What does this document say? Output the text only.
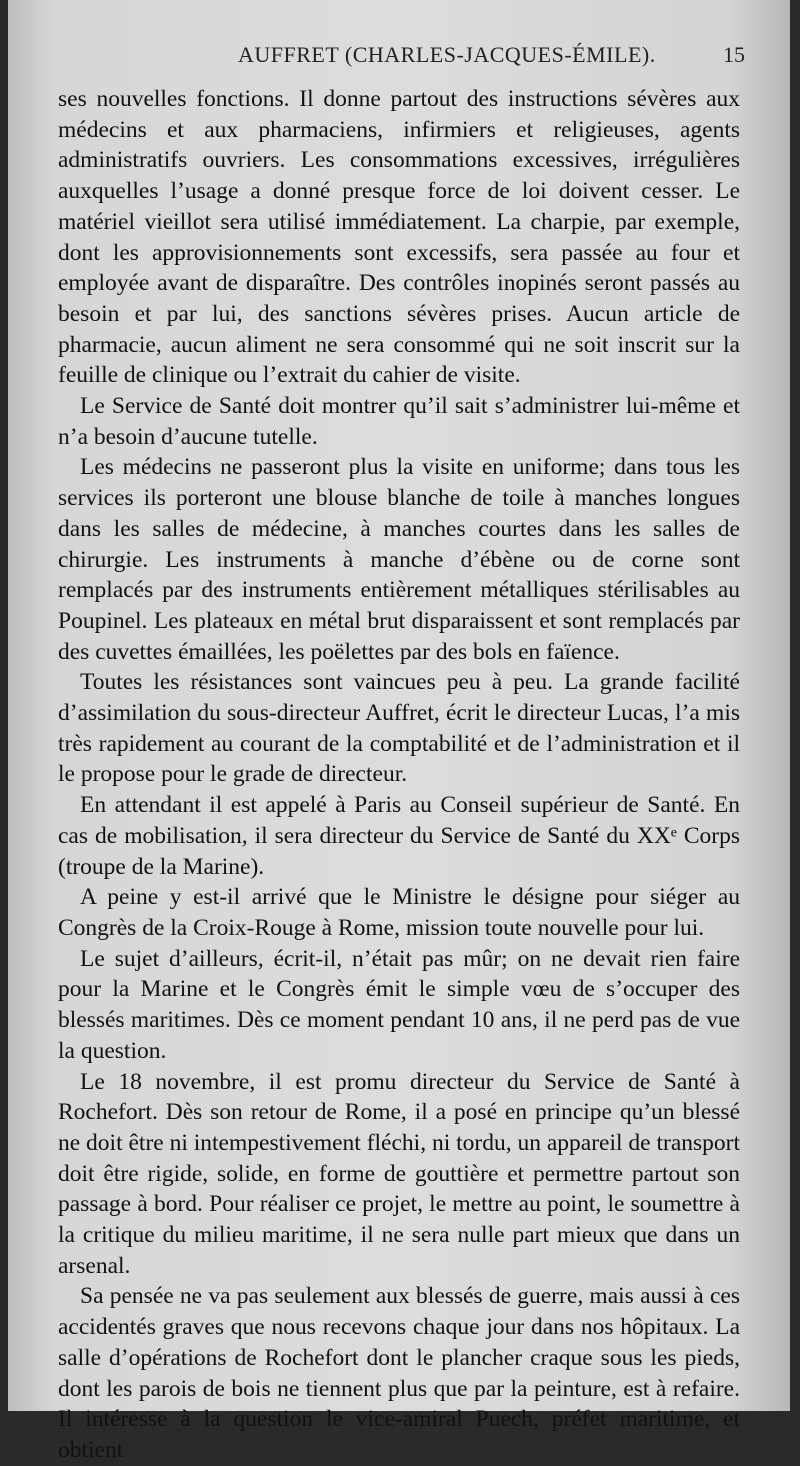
AUFFRET (CHARLES-JACQUES-ÉMILE).	15

ses nouvelles fonctions. Il donne partout des instructions sévères aux médecins et aux pharmaciens, infirmiers et religieuses, agents administratifs ouvriers. Les consommations excessives, irrégulières auxquelles l’usage a donné presque force de loi doivent cesser. Le matériel vieillot sera utilisé immédiatement. La charpie, par exemple, dont les approvisionnements sont excessifs, sera passée au four et employée avant de disparaître. Des contrôles inopinés seront passés au besoin et par lui, des sanctions sévères prises. Aucun article de pharmacie, aucun aliment ne sera consommé qui ne soit inscrit sur la feuille de clinique ou l’extrait du cahier de visite.

Le Service de Santé doit montrer qu’il sait s’administrer lui-même et n’a besoin d’aucune tutelle.

Les médecins ne passeront plus la visite en uniforme; dans tous les services ils porteront une blouse blanche de toile à manches longues dans les salles de médecine, à manches courtes dans les salles de chirurgie. Les instruments à manche d’ébène ou de corne sont remplacés par des instruments entièrement métalliques stérilisables au Poupinel. Les plateaux en métal brut disparaissent et sont remplacés par des cuvettes émaillées, les poëlettes par des bols en faïence.

Toutes les résistances sont vaincues peu à peu. La grande facilité d’assimilation du sous-directeur Auffret, écrit le directeur Lucas, l’a mis très rapidement au courant de la comptabilité et de l’administration et il le propose pour le grade de directeur.

En attendant il est appelé à Paris au Conseil supérieur de Santé. En cas de mobilisation, il sera directeur du Service de Santé du XXᵉ Corps (troupe de la Marine).

A peine y est-il arrivé que le Ministre le désigne pour siéger au Congrès de la Croix-Rouge à Rome, mission toute nouvelle pour lui.

Le sujet d’ailleurs, écrit-il, n’était pas mûr; on ne devait rien faire pour la Marine et le Congrès émit le simple vœu de s’occuper des blessés maritimes. Dès ce moment pendant 10 ans, il ne perd pas de vue la question.

Le 18 novembre, il est promu directeur du Service de Santé à Rochefort. Dès son retour de Rome, il a posé en principe qu’un blessé ne doit être ni intempestivement fléchi, ni tordu, un appareil de transport doit être rigide, solide, en forme de gouttière et permettre partout son passage à bord. Pour réaliser ce projet, le mettre au point, le soumettre à la critique du milieu maritime, il ne sera nulle part mieux que dans un arsenal.

Sa pensée ne va pas seulement aux blessés de guerre, mais aussi à ces accidentés graves que nous recevons chaque jour dans nos hôpitaux. La salle d’opérations de Rochefort dont le plancher craque sous les pieds, dont les parois de bois ne tiennent plus que par la peinture, est à refaire. Il intéresse à la question le vice-amiral Puech, préfet maritime, et obtient
